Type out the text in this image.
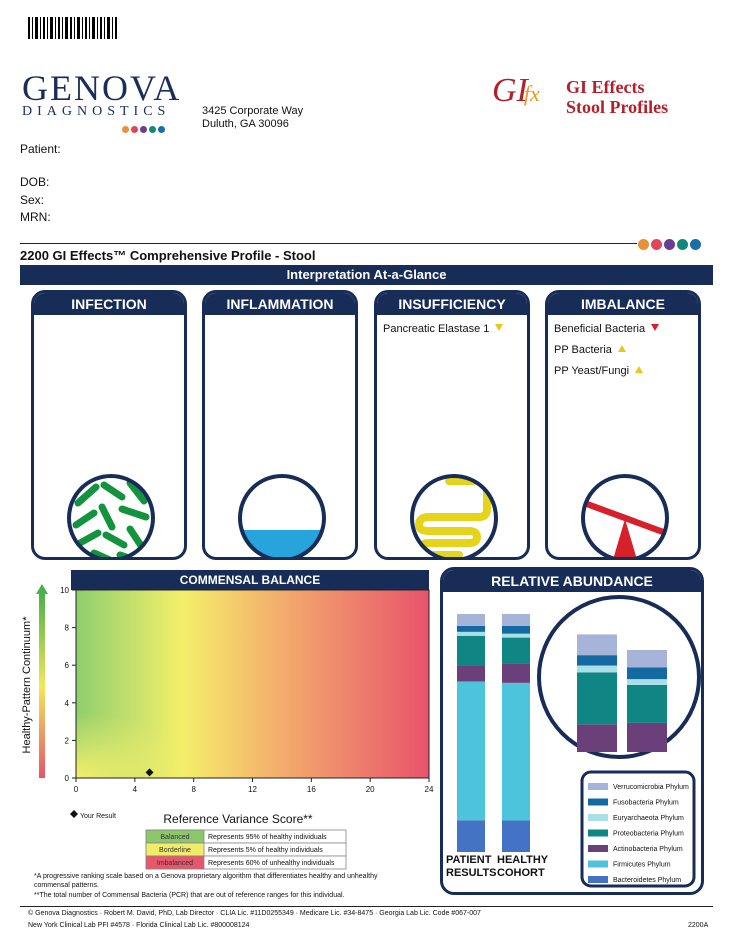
GENOVA
DIAGNOSTICS	3425 Corporate Way
Duluth, GA 30096
GIfx GI Effects
Stool Profiles
Patient:
DOB:
Sex:
MRN:
2200 GI Effects™ Comprehensive Profile - Stool
Interpretation At-a-Glance
INFECTION	INFLAMMATION	INSUFFICIENCY
Pancreatic Elastase 1
IMBALANCE
Beneficial Bacteria
PP Bacteria
PP Yeast/Fungi
COMMENSAL BALANCE
0	4	8	12	16	20	24
0
2
4
6
8
10
Healthy-Pattern Continuum*
Your Result	Reference Variance Score**
Balanced	Represents 95% of healthy individuals
Borderline Represents 5% of healthy individuals
Imbalanced Represents 60% of unhealthy individuals
RELATIVE ABUNDANCE
PATIENT
RESULTS
HEALTHY
COHORT
Verrucomicrobia Phylum
Fusobacteria Phylum
Euryarchaeota Phylum
Proteobacteria Phylum
Actinobacteria Phylum
Firmicutes Phylum
Bacteroidetes Phylum
*A progressive ranking scale based on a Genova proprietary algorithm that differentiates healthy and unhealthy
commensal patterns.
**The total number of Commensal Bacteria (PCR) that are out of reference ranges for this individual.
© Genova Diagnostics · Robert M. David, PhD, Lab Director · CLIA Lic. #11D0255349 · Medicare Lic. #34-8475 · Georgia Lab Lic. Code #067-007
New York Clinical Lab PFI #4578 · Florida Clinical Lab Lic. #800008124	2200A
